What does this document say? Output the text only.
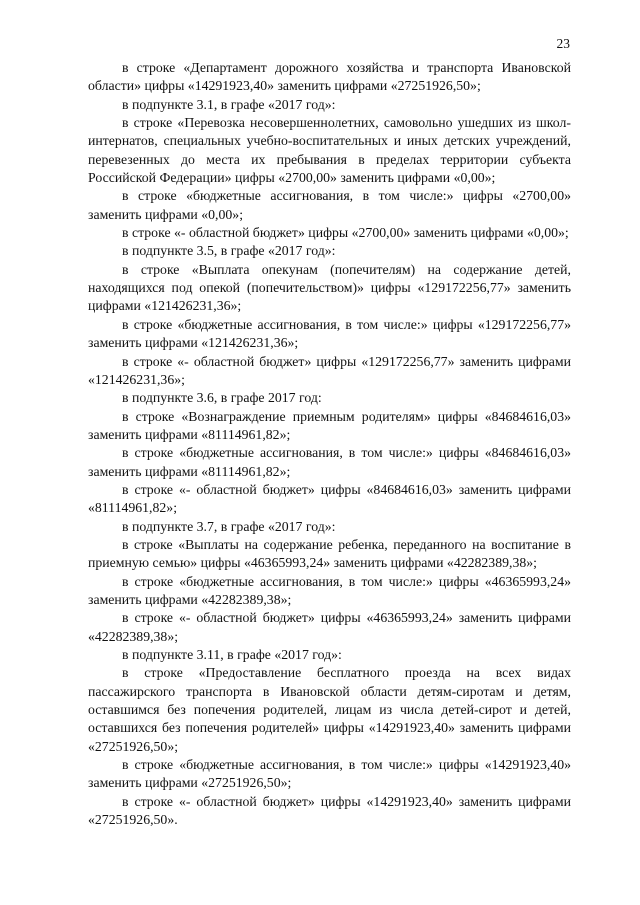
23

в строке «Департамент дорожного хозяйства и транспорта Ивановской области» цифры «14291923,40» заменить цифрами «27251926,50»;

в подпункте 3.1, в графе «2017 год»:

в строке «Перевозка несовершеннолетних, самовольно ушедших из школ-интернатов, специальных учебно-воспитательных и иных детских учреждений, перевезенных до места их пребывания в пределах территории субъекта Российской Федерации» цифры «2700,00» заменить цифрами «0,00»;

в строке «бюджетные ассигнования, в том числе:» цифры «2700,00» заменить цифрами «0,00»;

в строке «- областной бюджет» цифры «2700,00» заменить цифрами «0,00»;

в подпункте 3.5, в графе «2017 год»:

в строке «Выплата опекунам (попечителям) на содержание детей, находящихся под опекой (попечительством)» цифры «129172256,77» заменить цифрами «121426231,36»;

в строке «бюджетные ассигнования, в том числе:» цифры «129172256,77» заменить цифрами «121426231,36»;

в строке «- областной бюджет» цифры «129172256,77» заменить цифрами «121426231,36»;

в подпункте 3.6, в графе 2017 год:

в строке «Вознаграждение приемным родителям» цифры «84684616,03» заменить цифрами «81114961,82»;

в строке «бюджетные ассигнования, в том числе:» цифры «84684616,03» заменить цифрами «81114961,82»;

в строке «- областной бюджет» цифры «84684616,03» заменить цифрами «81114961,82»;

в подпункте 3.7, в графе «2017 год»:

в строке «Выплаты на содержание ребенка, переданного на воспитание в приемную семью» цифры «46365993,24» заменить цифрами «42282389,38»;

в строке «бюджетные ассигнования, в том числе:» цифры «46365993,24» заменить цифрами «42282389,38»;

в строке «- областной бюджет» цифры «46365993,24» заменить цифрами «42282389,38»;

в подпункте 3.11, в графе «2017 год»:

в строке «Предоставление бесплатного проезда на всех видах пассажирского транспорта в Ивановской области детям-сиротам и детям, оставшимся без попечения родителей, лицам из числа детей-сирот и детей, оставшихся без попечения родителей» цифры «14291923,40» заменить цифрами «27251926,50»;

в строке «бюджетные ассигнования, в том числе:» цифры «14291923,40» заменить цифрами «27251926,50»;

в строке «- областной бюджет» цифры «14291923,40» заменить цифрами «27251926,50».
